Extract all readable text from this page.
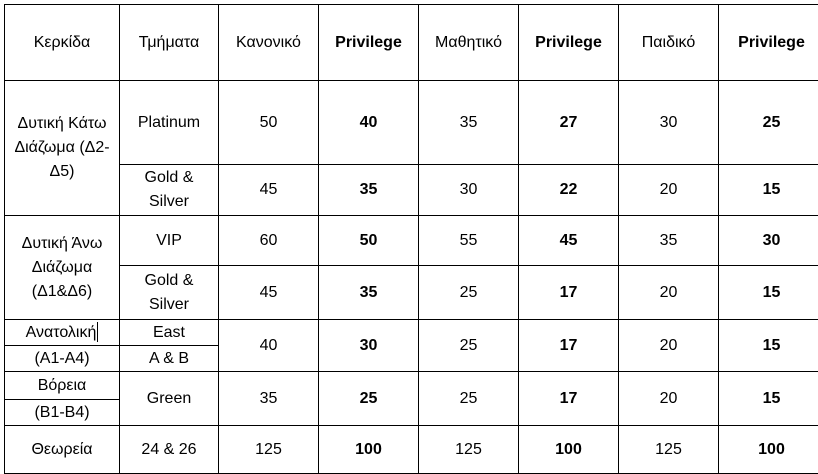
Κερκίδα	Τμήματα	Κανονικό	Privilege	Μαθητικό	Privilege	Παιδικό	Privilege
Δυτική Κάτω Διάζωμα (Δ2-Δ5)	Platinum	50	40	35	27	30	25
	Gold & Silver	45	35	30	22	20	15
Δυτική Άνω Διάζωμα (Δ1&Δ6)	VIP	60	50	55	45	35	30
	Gold & Silver	45	35	25	17	20	15
Ανατολική	East	40	30	25	17	20	15
(Α1-Α4)	A & B						
Βόρεια	Green	35	25	25	17	20	15
(Β1-Β4)							
Θεωρεία	24 & 26	125	100	125	100	125	100
